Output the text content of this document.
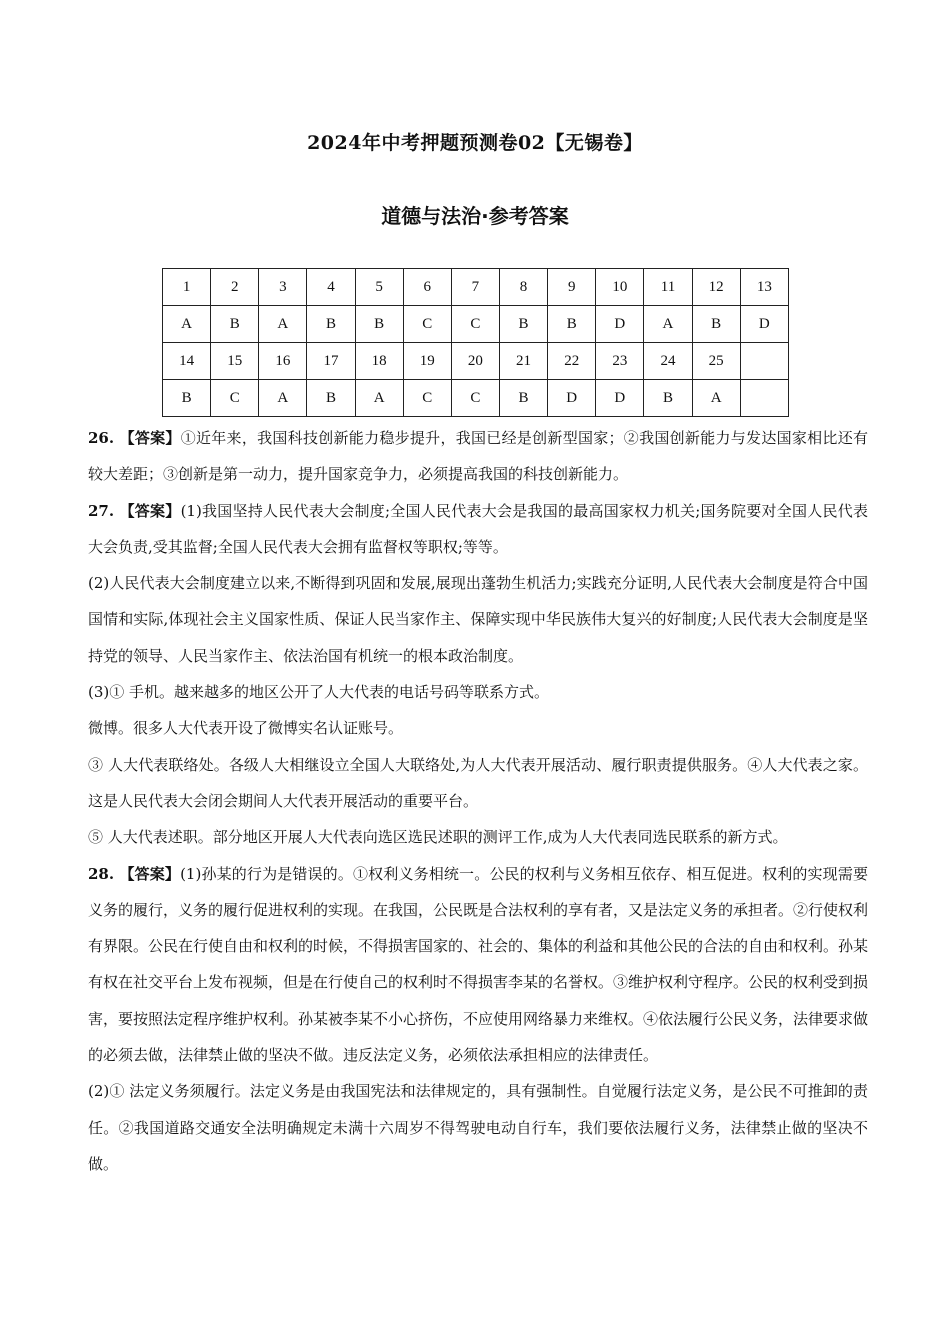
2024年中考押题预测卷02【无锡卷】
道德与法治·参考答案
1	2	3	4	5	6	7	8	9	10	11	12	13
A	B	A	B	B	C	C	B	B	D	A	B	D
14	15	16	17	18	19	20	21	22	23	24	25	
B	C	A	B	A	C	C	B	D	D	B	A	

26. 【答案】①近年来，我国科技创新能力稳步提升，我国已经是创新型国家；②我国创新能力与发达国家相比还有较大差距；③创新是第一动力，提升国家竞争力，必须提高我国的科技创新能力。

27. 【答案】(1)我国坚持人民代表大会制度;全国人民代表大会是我国的最高国家权力机关;国务院要对全国人民代表大会负责,受其监督;全国人民代表大会拥有监督权等职权;等等。

(2)人民代表大会制度建立以来,不断得到巩固和发展,展现出蓬勃生机活力;实践充分证明,人民代表大会制度是符合中国国情和实际,体现社会主义国家性质、保证人民当家作主、保障实现中华民族伟大复兴的好制度;人民代表大会制度是坚持党的领导、人民当家作主、依法治国有机统一的根本政治制度。

(3)① 手机。越来越多的地区公开了人大代表的电话号码等联系方式。

微博。很多人大代表开设了微博实名认证账号。

③ 人大代表联络处。各级人大相继设立全国人大联络处,为人大代表开展活动、履行职责提供服务。④人大代表之家。这是人民代表大会闭会期间人大代表开展活动的重要平台。

⑤ 人大代表述职。部分地区开展人大代表向选区选民述职的测评工作,成为人大代表同选民联系的新方式。

28. 【答案】(1)孙某的行为是错误的。①权利义务相统一。公民的权利与义务相互依存、相互促进。权利的实现需要义务的履行，义务的履行促进权利的实现。在我国，公民既是合法权利的享有者，又是法定义务的承担者。②行使权利有界限。公民在行使自由和权利的时候，不得损害国家的、社会的、集体的利益和其他公民的合法的自由和权利。孙某有权在社交平台上发布视频，但是在行使自己的权利时不得损害李某的名誉权。③维护权利守程序。公民的权利受到损害，要按照法定程序维护权利。孙某被李某不小心挤伤，不应使用网络暴力来维权。④依法履行公民义务，法律要求做的必须去做，法律禁止做的坚决不做。违反法定义务，必须依法承担相应的法律责任。

(2)① 法定义务须履行。法定义务是由我国宪法和法律规定的，具有强制性。自觉履行法定义务，是公民不可推卸的责任。②我国道路交通安全法明确规定未满十六周岁不得驾驶电动自行车，我们要依法履行义务，法律禁止做的坚决不做。
